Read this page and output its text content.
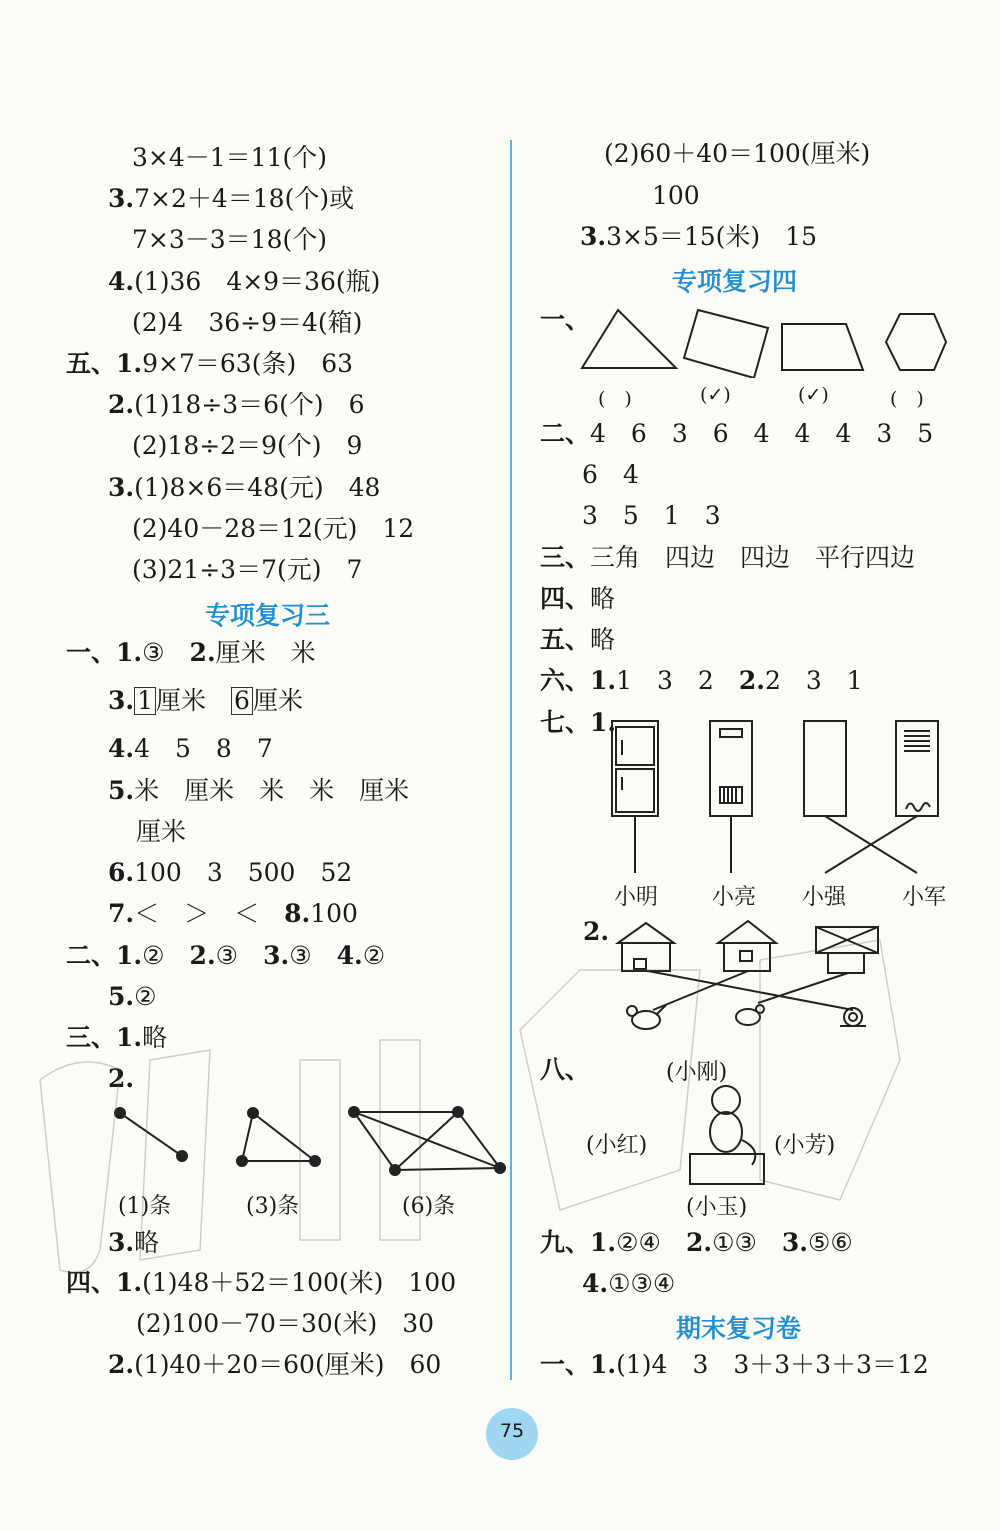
3×4－1＝11(个)
3.7×2＋4＝18(个)或
7×3－3＝18(个)
4.(1)36　4×9＝36(瓶)
(2)4　36÷9＝4(箱)
五、1.9×7＝63(条)　63
2.(1)18÷3＝6(个)　6
(2)18÷2＝9(个)　9
3.(1)8×6＝48(元)　48
(2)40－28＝12(元)　12
(3)21÷3＝7(元)　7
专项复习三
一、1.③　2.厘米　米
3. 1 厘米　6 厘米
4.4　5　8　7
5.米　厘米　米　米　厘米
厘米
6.100　3　500　52
7.＜　＞　＜　8.100
二、1.②　2.③　3.③　4.②
5.②
三、1.略
2.
(1)条	(3)条	(6)条
3.略
四、1.(1)48＋52＝100(米)　100
(2)100－70＝30(米)　30
2.(1)40＋20＝60(厘米)　60
(2)60＋40＝100(厘米)
100
3.3×5＝15(米)　15
专项复习四
一、
(　)	(✓)	(✓)	(　)
二、4　6　3　6　4　4　4　3　5
6　4
3　5　1　3
三、三角　四边　四边　平行四边
四、略
五、略
六、1.1　3　2　2.2　3　1
七、1.
小明 小亮 小强	小军
2.
八、	(小刚)
(小红)	(小芳)
(小玉)
九、1.②④　2.①③　3.⑤⑥
4.①③④
期末复习卷
一、1.(1)4　3　3＋3＋3＋3＝12
75
